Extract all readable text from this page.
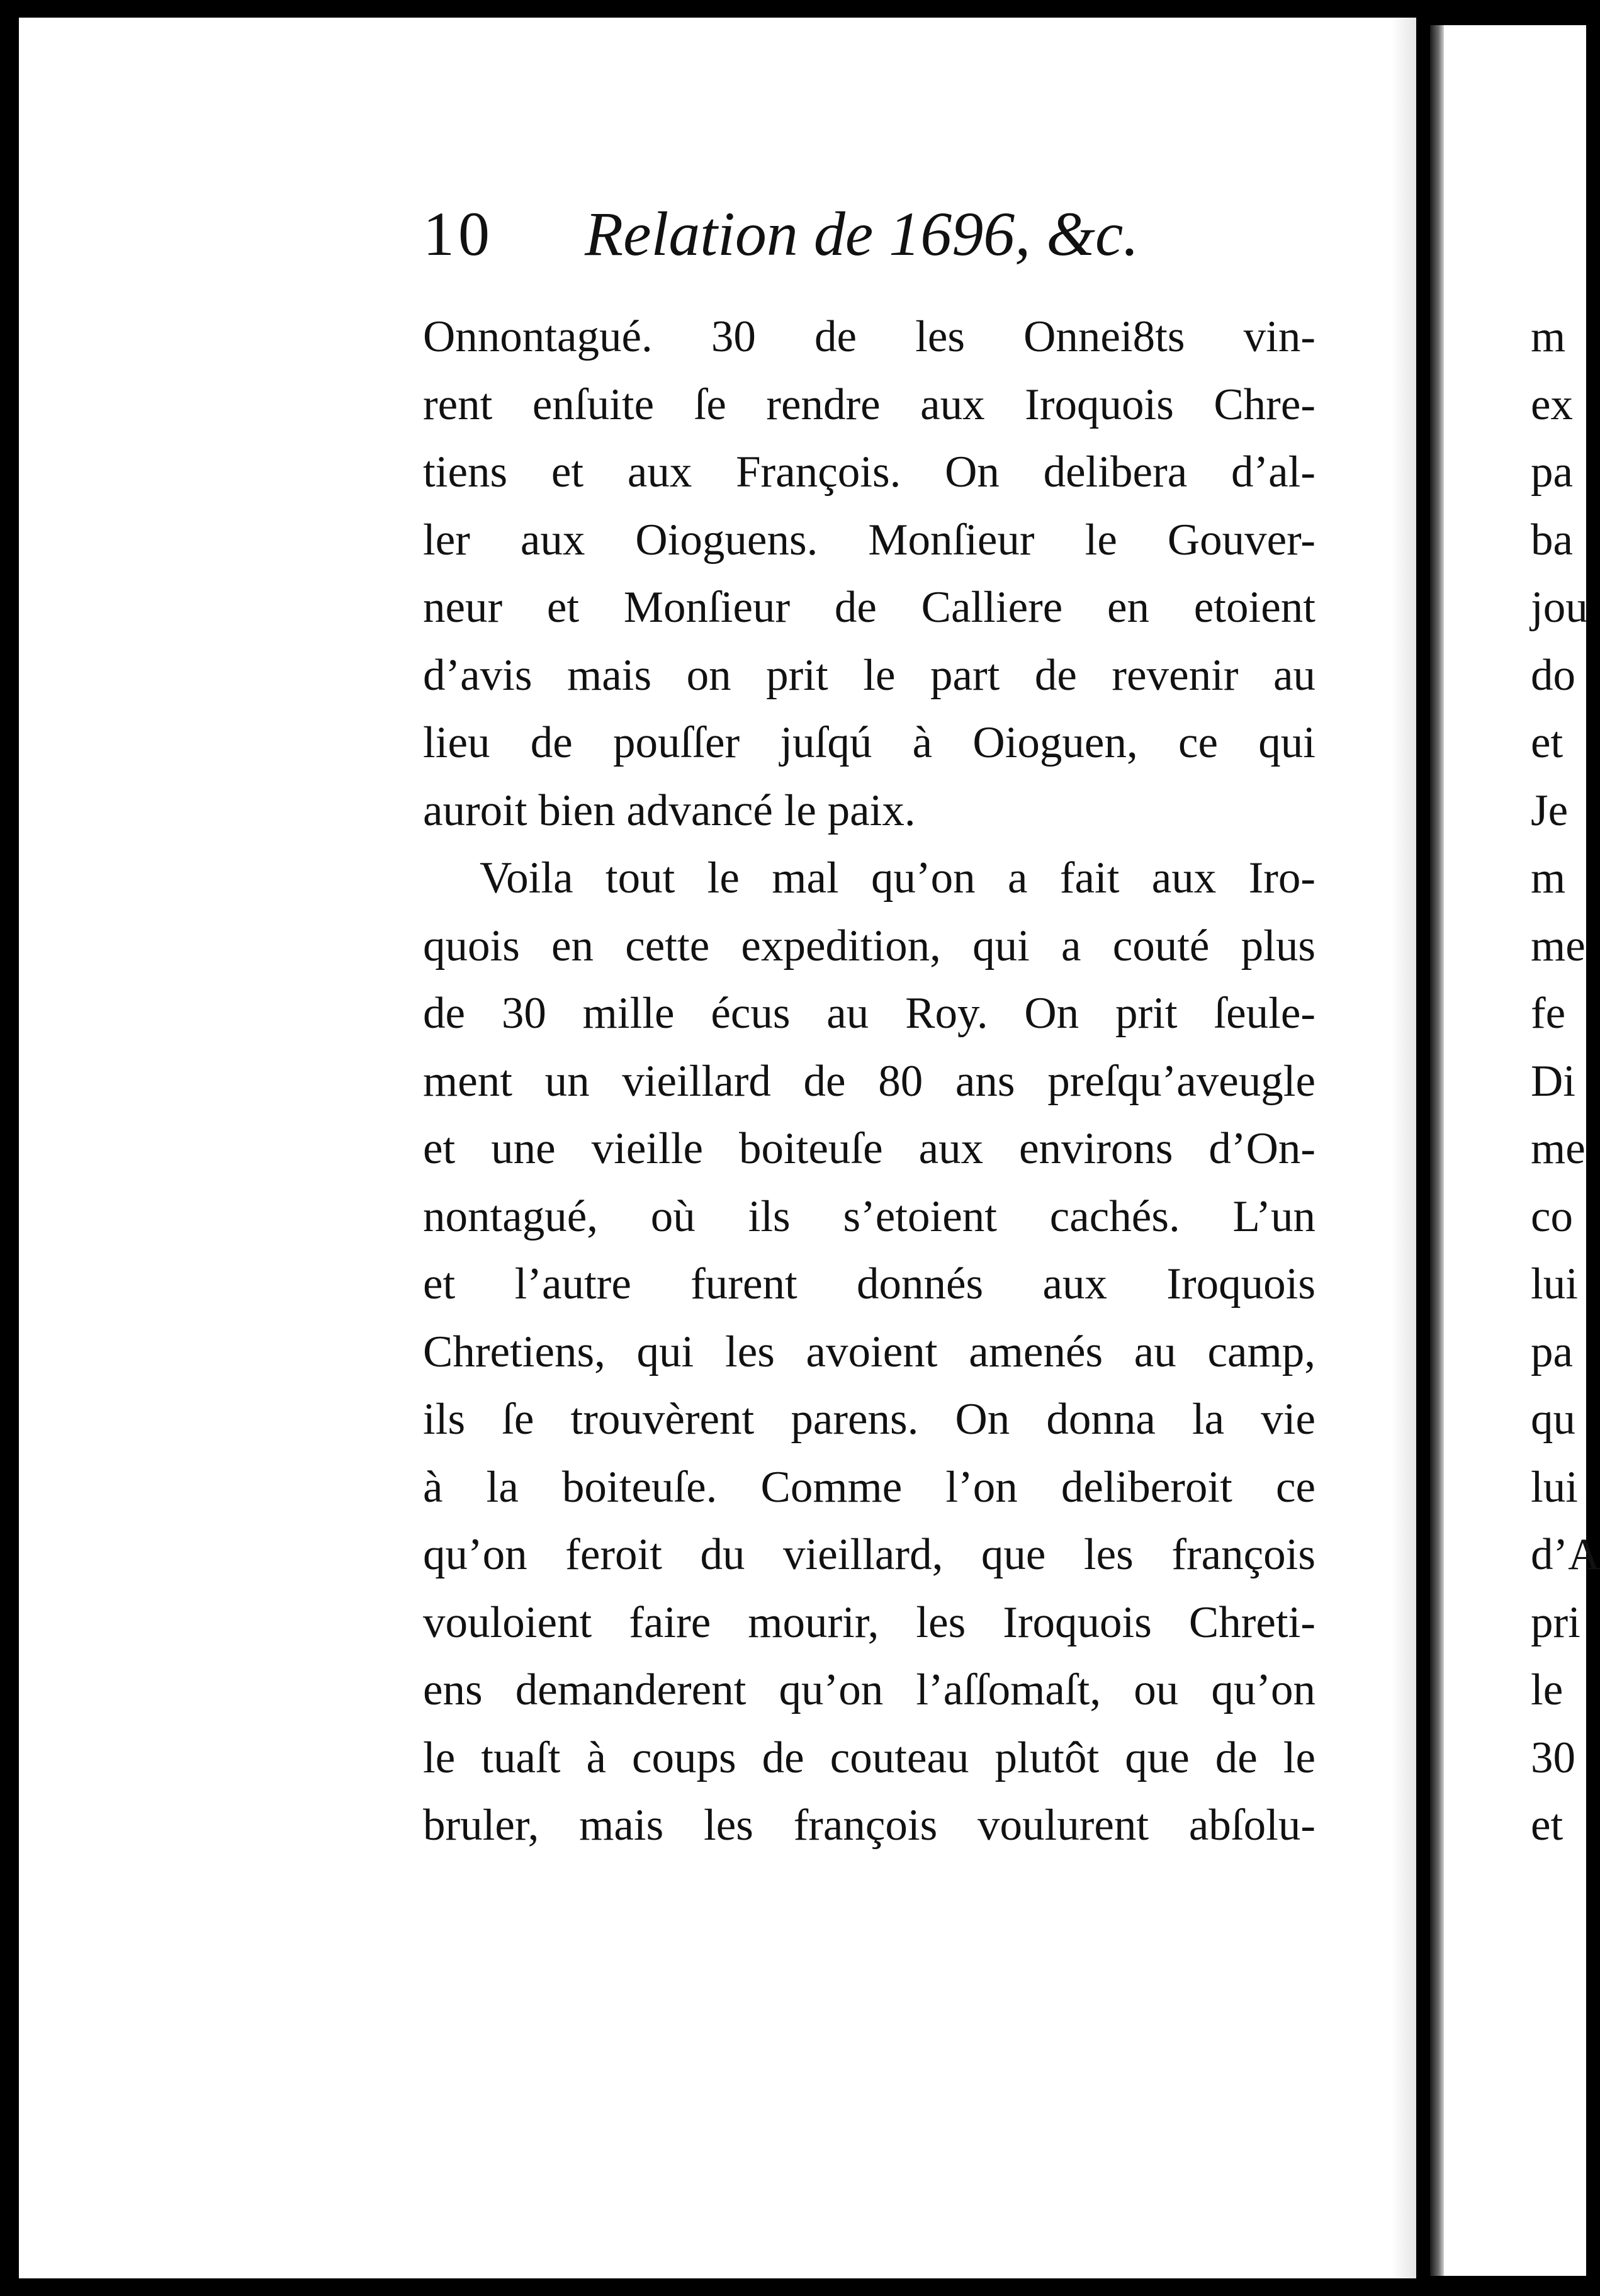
10 Relation de 1696, &c.
Onnontagué. 30 de les Onnei8ts vin-
rent enſuite ſe rendre aux Iroquois Chre-
tiens et aux François. On delibera d’al-
ler aux Oioguens. Monſieur le Gouver-
neur et Monſieur de Calliere en etoient
d’avis mais on prit le part de revenir au
lieu de pouſſer juſqú à Oioguen, ce qui
auroit bien advancé le paix.
Voila tout le mal qu’on a fait aux Iro-
quois en cette expedition, qui a couté plus
de 30 mille écus au Roy. On prit ſeule-
ment un vieillard de 80 ans preſqu’aveugle
et une vieille boiteuſe aux environs d’On-
nontagué, où ils s’etoient cachés. L’un
et l’autre furent donnés aux Iroquois
Chretiens, qui les avoient amenés au camp,
ils ſe trouvèrent parens. On donna la vie
à la boiteuſe. Comme l’on deliberoit ce
qu’on feroit du vieillard, que les françois
vouloient faire mourir, les Iroquois Chreti-
ens demanderent qu’on l’aſſomaſt, ou qu’on
le tuaſt à coups de couteau plutôt que de le
bruler, mais les françois voulurent abſolu-
m
ex
pa
ba
jou
do
et
Je
m
me
fe
Di
me
co
lui
pa
qu
lui
d’A
pri
le
30
et
